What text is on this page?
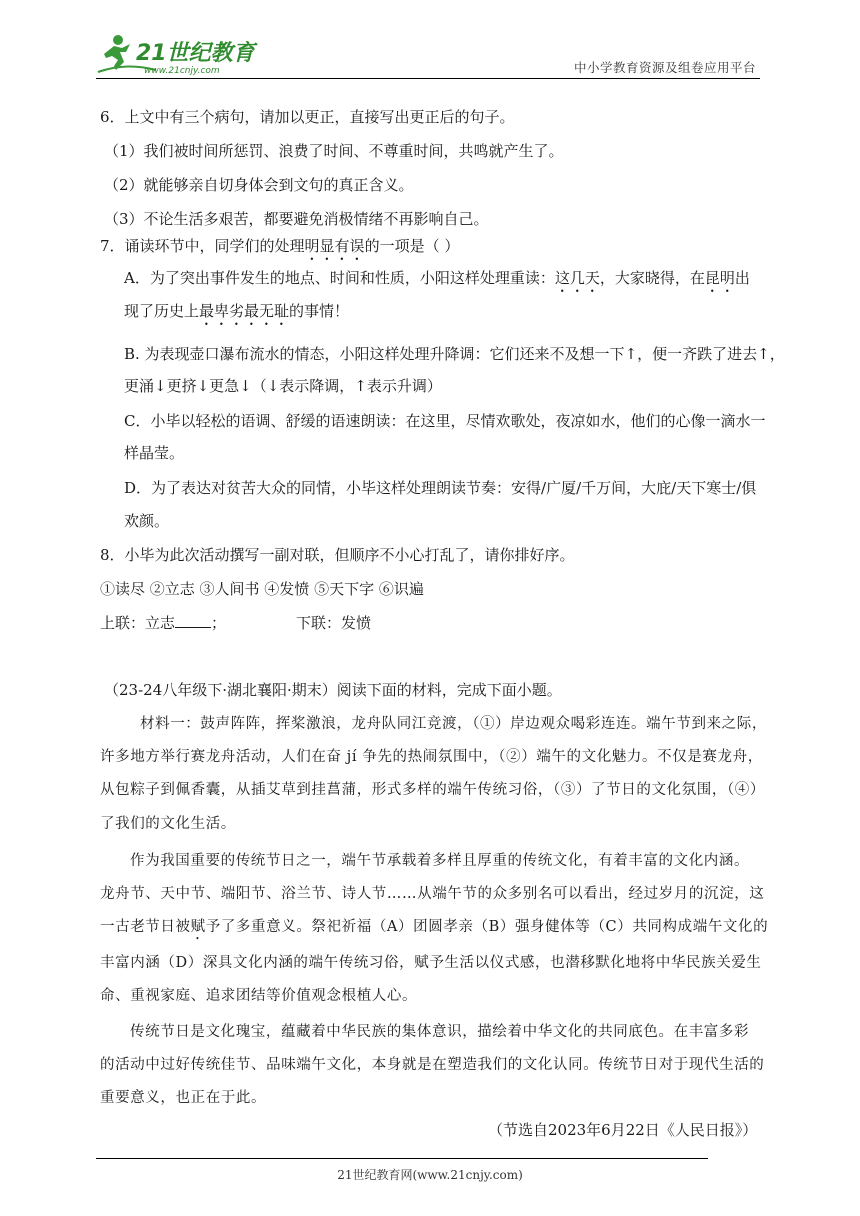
21世纪教育
www.21cnjy.com	中小学教育资源及组卷应用平台
6．上文中有三个病句，请加以更正，直接写出更正后的句子。
（1）我们被时间所惩罚、浪费了时间、不尊重时间，共鸣就产生了。
（2）就能够亲自切身体会到文句的真正含义。
（3）不论生活多艰苦，都要避免消极情绪不再影响自己。
7．诵读环节中，同学们的处理明显有误的一项是（ ）
A．为了突出事件发生的地点、时间和性质，小阳这样处理重读：这几天，大家晓得，在昆明出
现了历史上最卑劣最无耻的事情！
B. 为表现壶口瀑布流水的情态，小阳这样处理升降调：它们还来不及想一下↑，便一齐跌了进去↑，
更涌↓更挤↓更急↓（↓表示降调，↑表示升调）
C．小毕以轻松的语调、舒缓的语速朗读：在这里，尽情欢歌处，夜凉如水，他们的心像一滴水一
样晶莹。
D．为了表达对贫苦大众的同情，小毕这样处理朗读节奏：安得/广厦/千万间，大庇/天下寒士/俱
欢颜。
8．小毕为此次活动撰写一副对联，但顺序不小心打乱了，请你排好序。
①读尽 ②立志 ③人间书 ④发愤 ⑤天下字 ⑥识遍
上联：立志 ；	下联：发愤
（23-24八年级下·湖北襄阳·期末）阅读下面的材料，完成下面小题。
材料一：鼓声阵阵，挥桨激浪，龙舟队同江竞渡，（①）岸边观众喝彩连连。端午节到来之际，
许多地方举行赛龙舟活动，人们在奋 jí 争先的热闹氛围中，（②）端午的文化魅力。不仅是赛龙舟，
从包粽子到佩香囊，从插艾草到挂菖蒲，形式多样的端午传统习俗，（③）了节日的文化氛围，（④）
了我们的文化生活。
作为我国重要的传统节日之一，端午节承载着多样且厚重的传统文化，有着丰富的文化内涵。
龙舟节、天中节、端阳节、浴兰节、诗人节……从端午节的众多别名可以看出，经过岁月的沉淀，这
一古老节日被赋予了多重意义。祭祀祈福（A）团圆孝亲（B）强身健体等（C）共同构成端午文化的
丰富内涵（D）深具文化内涵的端午传统习俗，赋予生活以仪式感，也潜移默化地将中华民族关爱生
命、重视家庭、追求团结等价值观念根植人心。
传统节日是文化瑰宝，蕴藏着中华民族的集体意识，描绘着中华文化的共同底色。在丰富多彩
的活动中过好传统佳节、品味端午文化，本身就是在塑造我们的文化认同。传统节日对于现代生活的
重要意义，也正在于此。
（节选自2023年6月22日《人民日报》）
21世纪教育网(www.21cnjy.com)
